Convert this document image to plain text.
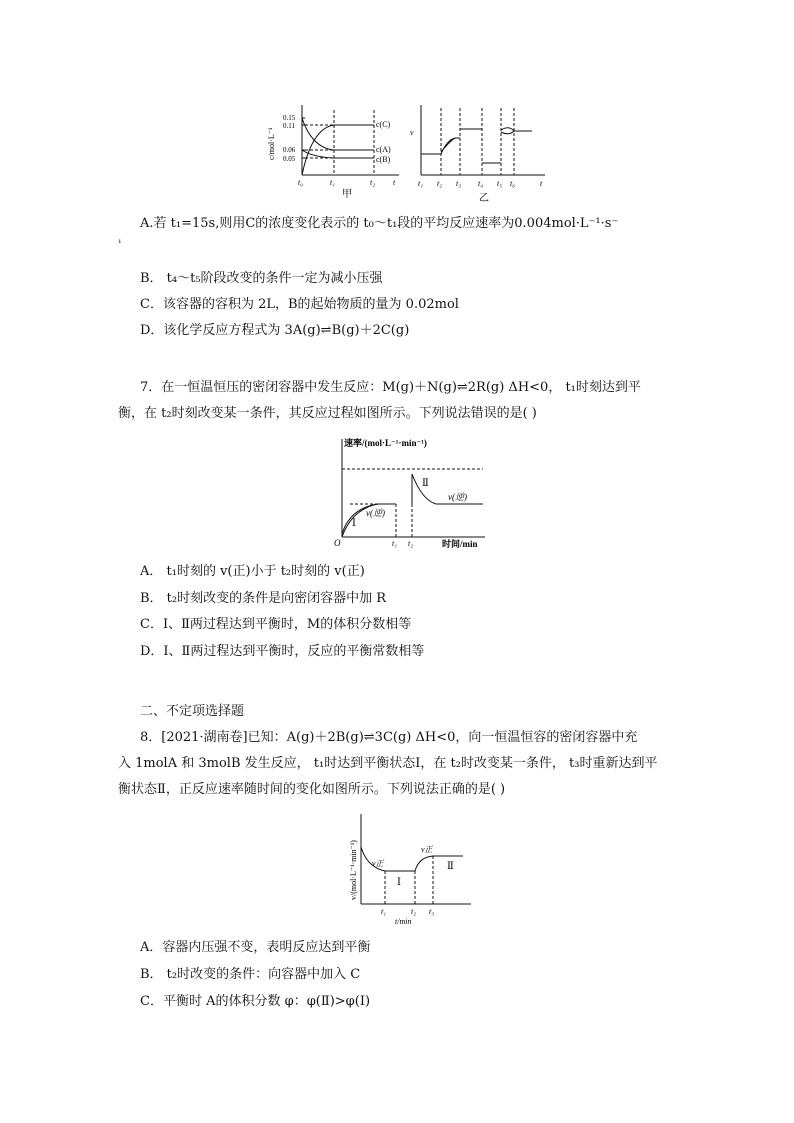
c/mol·L⁻¹
0.15
0.11
0.06
0.05
c(C)
c(A)
c(B)
t₀	t₁	t₂ t
甲
v
t₁ t₂ t₃ t₄ t₅ t₆	t
乙
A.若 t₁=15s,则用C的浓度变化表示的 t₀～t₁段的平均反应速率为0.004mol·L⁻¹·s⁻
¹
B． t₄～t₅阶段改变的条件一定为减小压强
C．该容器的容积为 2L，B的起始物质的量为 0.02mol
D．该化学反应方程式为 3A(g)⇌B(g)＋2C(g)
7．在一恒温恒压的密闭容器中发生反应：M(g)＋N(g)⇌2R(g) ΔH<0， t₁时刻达到平
衡，在 t₂时刻改变某一条件，其反应过程如图所示。下列说法错误的是( )
速率/(mol·L⁻¹·min⁻¹)
Ⅰ
v(逆)
Ⅱ
v(逆)
O	t₁ t₂	时间/min
A． t₁时刻的 v(正)小于 t₂时刻的 v(正)
B． t₂时刻改变的条件是向密闭容器中加 R
C．Ⅰ、Ⅱ两过程达到平衡时，M的体积分数相等
D．Ⅰ、Ⅱ两过程达到平衡时，反应的平衡常数相等
二、不定项选择题
8．[2021·湖南卷]已知：A(g)＋2B(g)⇌3C(g) ΔH<0，向一恒温恒容的密闭容器中充
入 1molA 和 3molB 发生反应， t₁时达到平衡状态Ⅰ，在 t₂时改变某一条件， t₃时重新达到平
衡状态Ⅱ，正反应速率随时间的变化如图所示。下列说法正确的是( )
v/(mol·L⁻¹·min⁻¹) v正
v正
Ⅰ
Ⅱ
t₁	t₂ t₃
t/min
A．容器内压强不变，表明反应达到平衡
B． t₂时改变的条件：向容器中加入 C
C．平衡时 A的体积分数 φ：φ(Ⅱ)>φ(Ⅰ)
